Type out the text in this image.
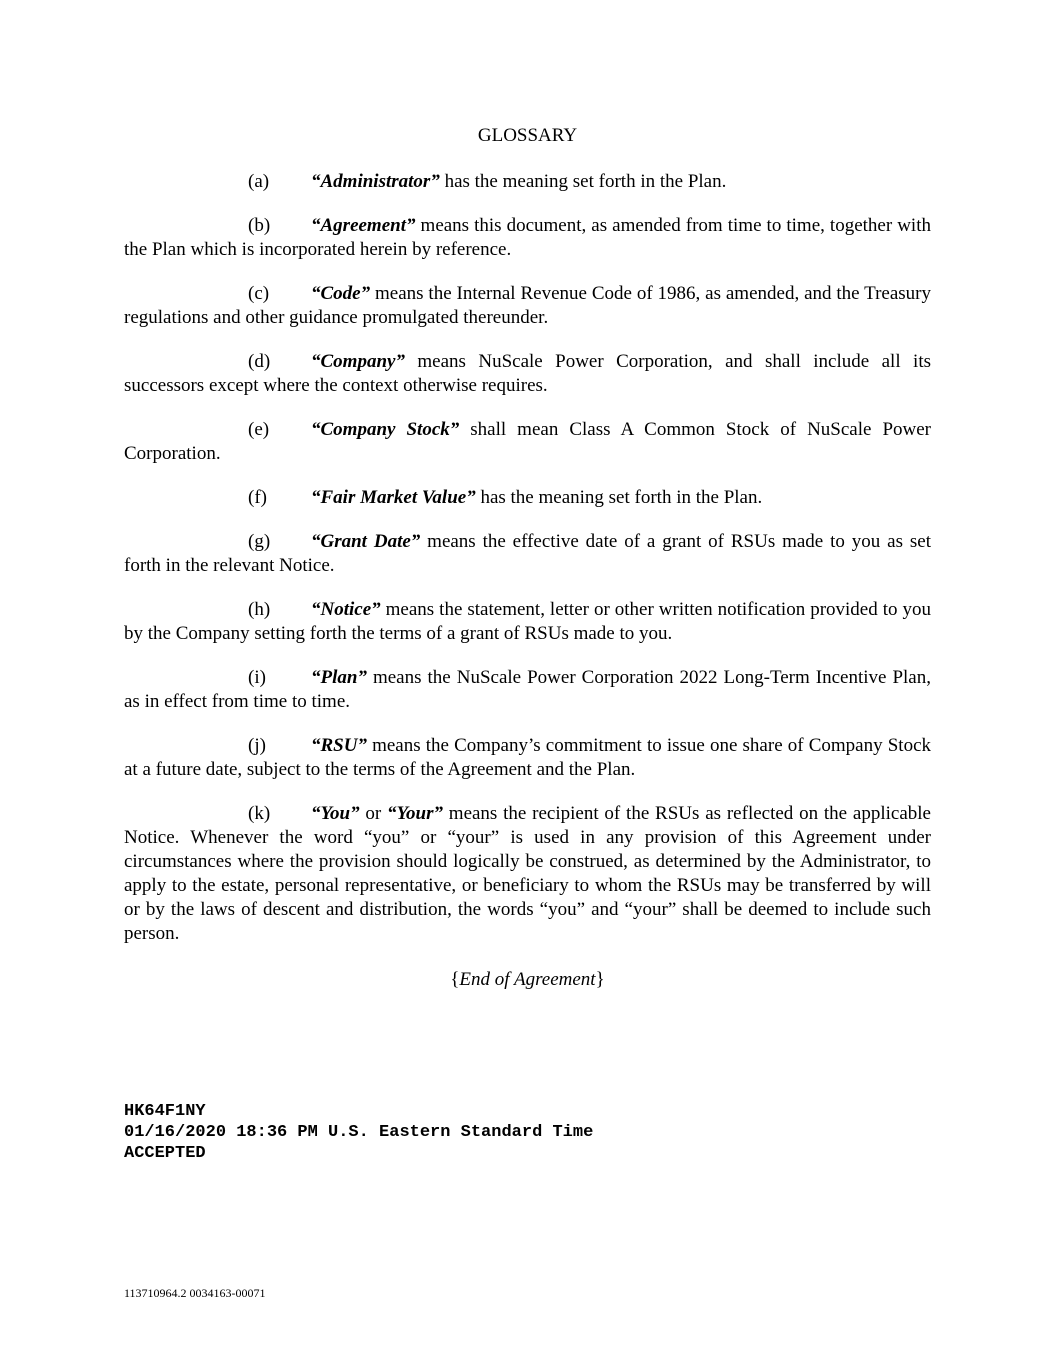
GLOSSARY

(a) “Administrator” has the meaning set forth in the Plan.

(b) “Agreement” means this document, as amended from time to time, together with the Plan which is incorporated herein by reference.

(c) “Code” means the Internal Revenue Code of 1986, as amended, and the Treasury regulations and other guidance promulgated thereunder.

(d) “Company” means NuScale Power Corporation, and shall include all its successors except where the context otherwise requires.

(e) “Company Stock” shall mean Class A Common Stock of NuScale Power Corporation.

(f) “Fair Market Value” has the meaning set forth in the Plan.

(g) “Grant Date” means the effective date of a grant of RSUs made to you as set forth in the relevant Notice.

(h) “Notice” means the statement, letter or other written notification provided to you by the Company setting forth the terms of a grant of RSUs made to you.

(i) “Plan” means the NuScale Power Corporation 2022 Long-Term Incentive Plan, as in effect from time to time.

(j) “RSU” means the Company’s commitment to issue one share of Company Stock at a future date, subject to the terms of the Agreement and the Plan.

(k) “You” or “Your” means the recipient of the RSUs as reflected on the applicable Notice. Whenever the word “you” or “your” is used in any provision of this Agreement under circumstances where the provision should logically be construed, as determined by the Administrator, to apply to the estate, personal representative, or beneficiary to whom the RSUs may be transferred by will or by the laws of descent and distribution, the words “you” and “your” shall be deemed to include such person.

{End of Agreement}
HK64F1NY
01/16/2020 18:36 PM U.S. Eastern Standard Time
ACCEPTED
113710964.2 0034163-00071
